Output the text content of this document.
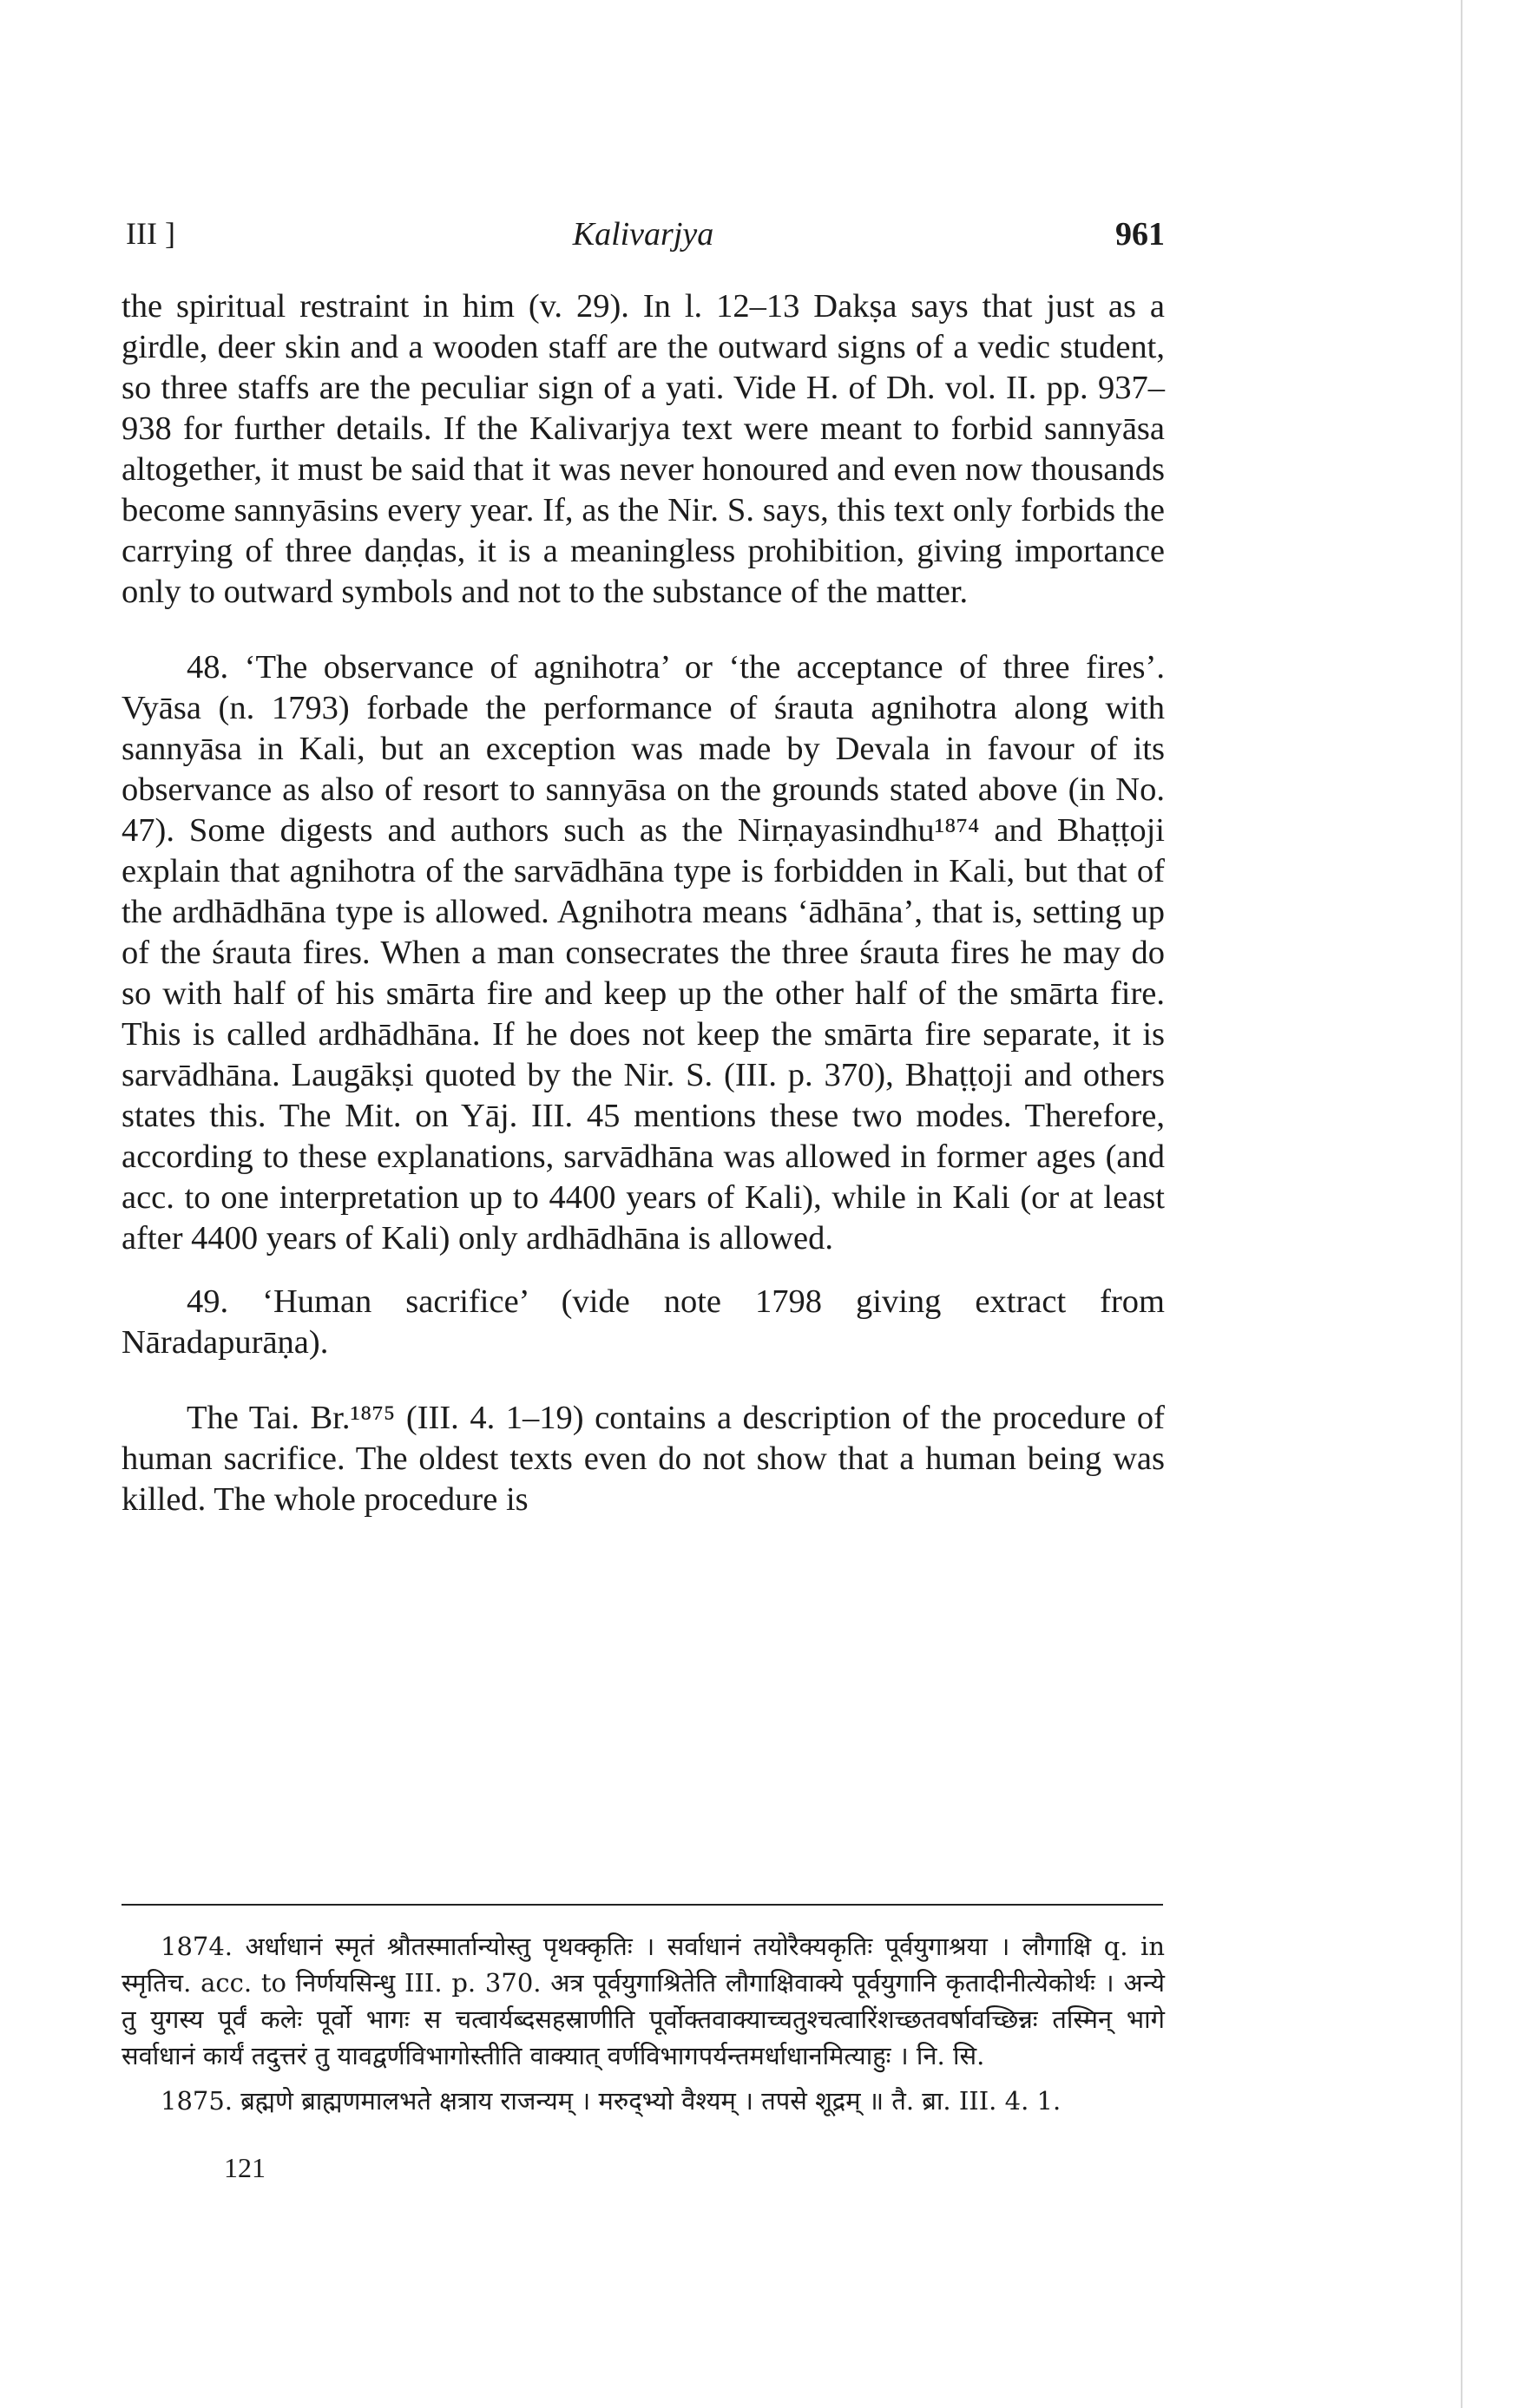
III ]	Kalivarjya	961

the spiritual restraint in him (v. 29). In l. 12–13 Dakṣa says that just as a girdle, deer skin and a wooden staff are the outward signs of a vedic student, so three staffs are the peculiar sign of a yati. Vide H. of Dh. vol. II. pp. 937–938 for further details. If the Kalivarjya text were meant to forbid sannyāsa altogether, it must be said that it was never honoured and even now thousands become sannyāsins every year. If, as the Nir. S. says, this text only forbids the carrying of three daṇḍas, it is a meaningless prohibition, giving importance only to outward symbols and not to the substance of the matter.

48. ‘The observance of agnihotra’ or ‘the acceptance of three fires’. Vyāsa (n. 1793) forbade the performance of śrauta agnihotra along with sannyāsa in Kali, but an exception was made by Devala in favour of its observance as also of resort to sannyāsa on the grounds stated above (in No. 47). Some digests and authors such as the Nirṇayasindhu¹⁸⁷⁴ and Bhaṭṭoji explain that agnihotra of the sarvādhāna type is forbidden in Kali, but that of the ardhādhāna type is allowed. Agnihotra means ‘ādhāna’, that is, setting up of the śrauta fires. When a man consecrates the three śrauta fires he may do so with half of his smārta fire and keep up the other half of the smārta fire. This is called ardhādhāna. If he does not keep the smārta fire separate, it is sarvādhāna. Laugākṣi quoted by the Nir. S. (III. p. 370), Bhaṭṭoji and others states this. The Mit. on Yāj. III. 45 mentions these two modes. Therefore, according to these explanations, sarvādhāna was allowed in former ages (and acc. to one interpretation up to 4400 years of Kali), while in Kali (or at least after 4400 years of Kali) only ardhādhāna is allowed.

49. ‘Human sacrifice’ (vide note 1798 giving extract from Nāradapurāṇa).

The Tai. Br.¹⁸⁷⁵ (III. 4. 1–19) contains a description of the procedure of human sacrifice. The oldest texts even do not show that a human being was killed. The whole procedure is

1874. अर्धाधानं स्मृतं श्रौतस्मार्तान्योस्तु पृथक्कृतिः । सर्वाधानं तयोरैक्यकृतिः पूर्वयुगाश्रया । लौगाक्षि q. in स्मृतिच. acc. to निर्णयसिन्धु III. p. 370. अत्र पूर्वयुगाश्रितेति लौगाक्षिवाक्ये पूर्वयुगानि कृतादीनीत्येकोर्थः । अन्ये तु युगस्य पूर्वं कलेः पूर्वो भागः स चत्वार्यब्दसहस्राणीति पूर्वोक्तवाक्याच्चतुश्चत्वारिंशच्छतवर्षावच्छिन्नः तस्मिन् भागे सर्वाधानं कार्यं तदुत्तरं तु यावद्वर्णविभागोस्तीति वाक्यात् वर्णविभागपर्यन्तमर्धाधानमित्याहुः । नि. सि.

1875. ब्रह्मणे ब्राह्मणमालभते क्षत्राय राजन्यम् । मरुद्भ्यो वैश्यम् । तपसे शूद्रम् ॥ तै. ब्रा. III. 4. 1.

121
